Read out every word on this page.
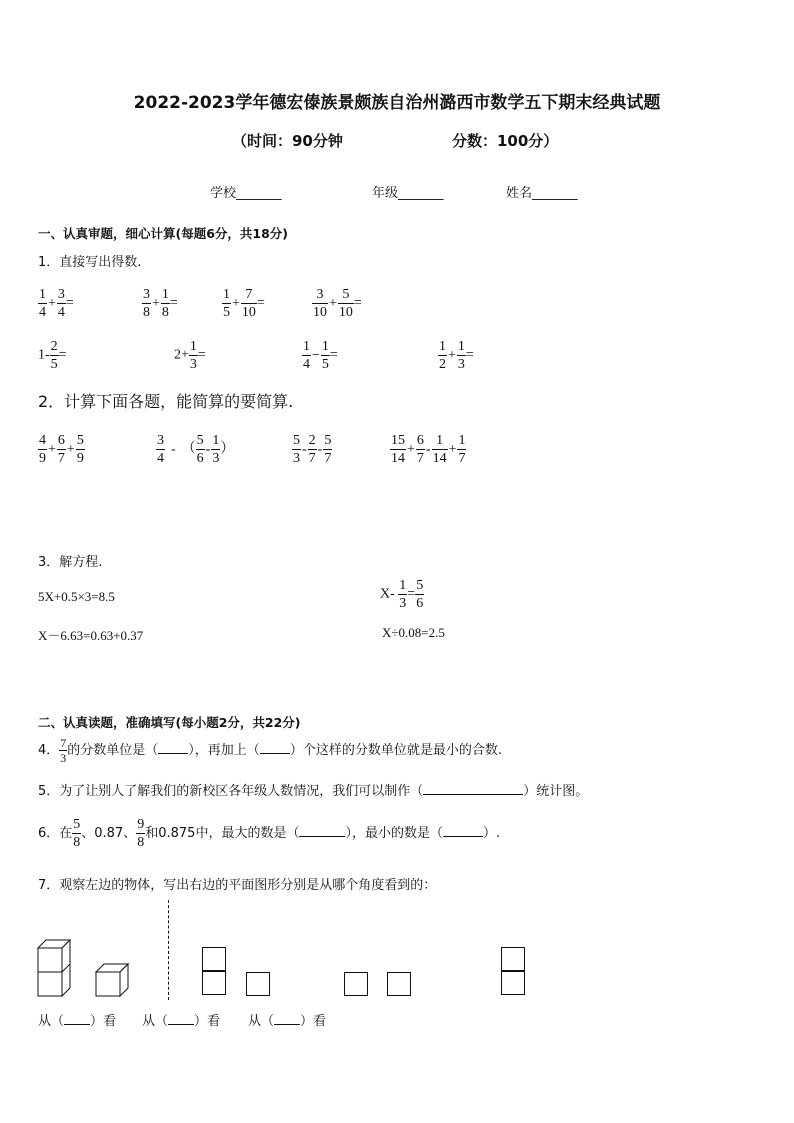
2022-2023学年德宏傣族景颇族自治州潞西市数学五下期末经典试题
（时间：90分钟	分数：100分）
学校_______	年级_______	姓名_______
一、认真审题，细心计算(每题6分，共18分)
1．直接写出得数.
$\frac{1}{4} + \frac{3}{4}$ =	$\frac{3}{8} + \frac{1}{8}$ =	$\frac{1}{5} + \frac{7}{10}$ =	$\frac{3}{10} + \frac{5}{10}$ =
$1- \frac{2}{5}$ =	$2+ \frac{1}{3}$ =	$\frac{1}{4} - \frac{1}{5}$ =	$\frac{1}{2} + \frac{1}{3}$ =
2．计算下面各题，能简算的要简算.
$\frac{4}{9} + \frac{6}{7} + \frac{5}{9}$	$\frac{3}{4}$ - （ $\frac{5}{6} - \frac{1}{3}$ ）	$\frac{5}{3} - \frac{2}{7} - \frac{5}{7}$	$\frac{15}{14} + \frac{6}{7} - \frac{1}{14} + \frac{1}{7}$
3．解方程.
5X+0.5×3=8.5	$X- \frac{1}{3} = \frac{5}{6}$
X－6.63=0.63+0.37	X÷0.08=2.5
二、认真读题，准确填写(每小题2分，共22分)
4． $\frac{7}{3}$ 的分数单位是（ ），再加上（ ）个这样的分数单位就是最小的合数.
5．为了让别人了解我们的新校区各年级人数情况，我们可以制作（	）统计图。
6．在 $\frac{5}{8}$ 、0.87、 $\frac{9}{8}$ 和0.875中，最大的数是（	），最小的数是（	）.
7．观察左边的物体，写出右边的平面图形分别是从哪个角度看到的：
从（ ）看 从（ ）看 从（ ）看
